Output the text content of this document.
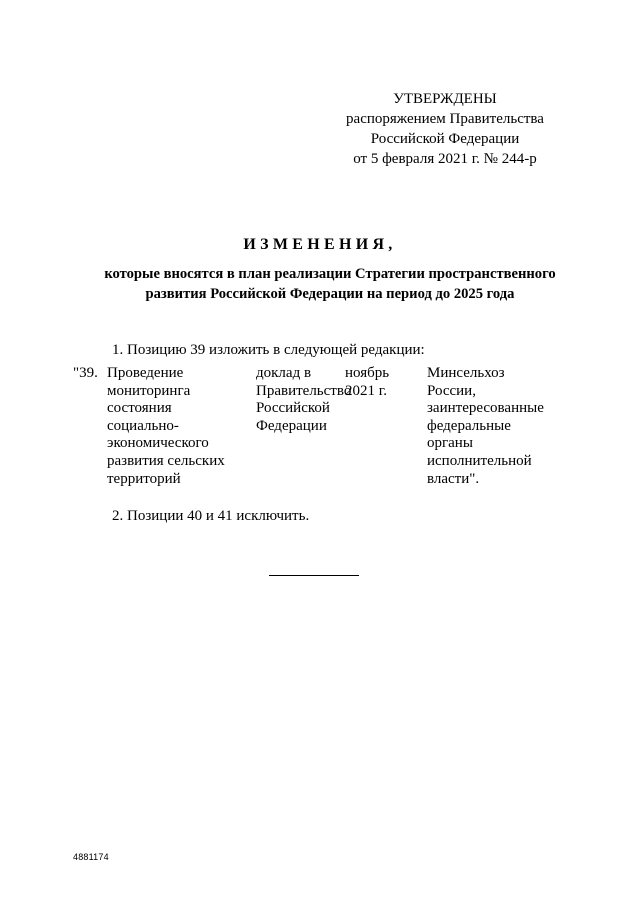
УТВЕРЖДЕНЫ
распоряжением Правительства
Российской Федерации
от 5 февраля 2021 г. № 244-р
ИЗМЕНЕНИЯ,
которые вносятся в план реализации Стратегии пространственного
развития Российской Федерации на период до 2025 года
1. Позицию 39 изложить в следующей редакции:
"39. Проведение
мониторинга
состояния
социально-
экономического
развития сельских
территорий
доклад в
Правительство
Российской
Федерации
ноябрь
2021 г.
Минсельхоз
России,
заинтересованные
федеральные
органы
исполнительной
власти".
2. Позиции 40 и 41 исключить.
4881174
